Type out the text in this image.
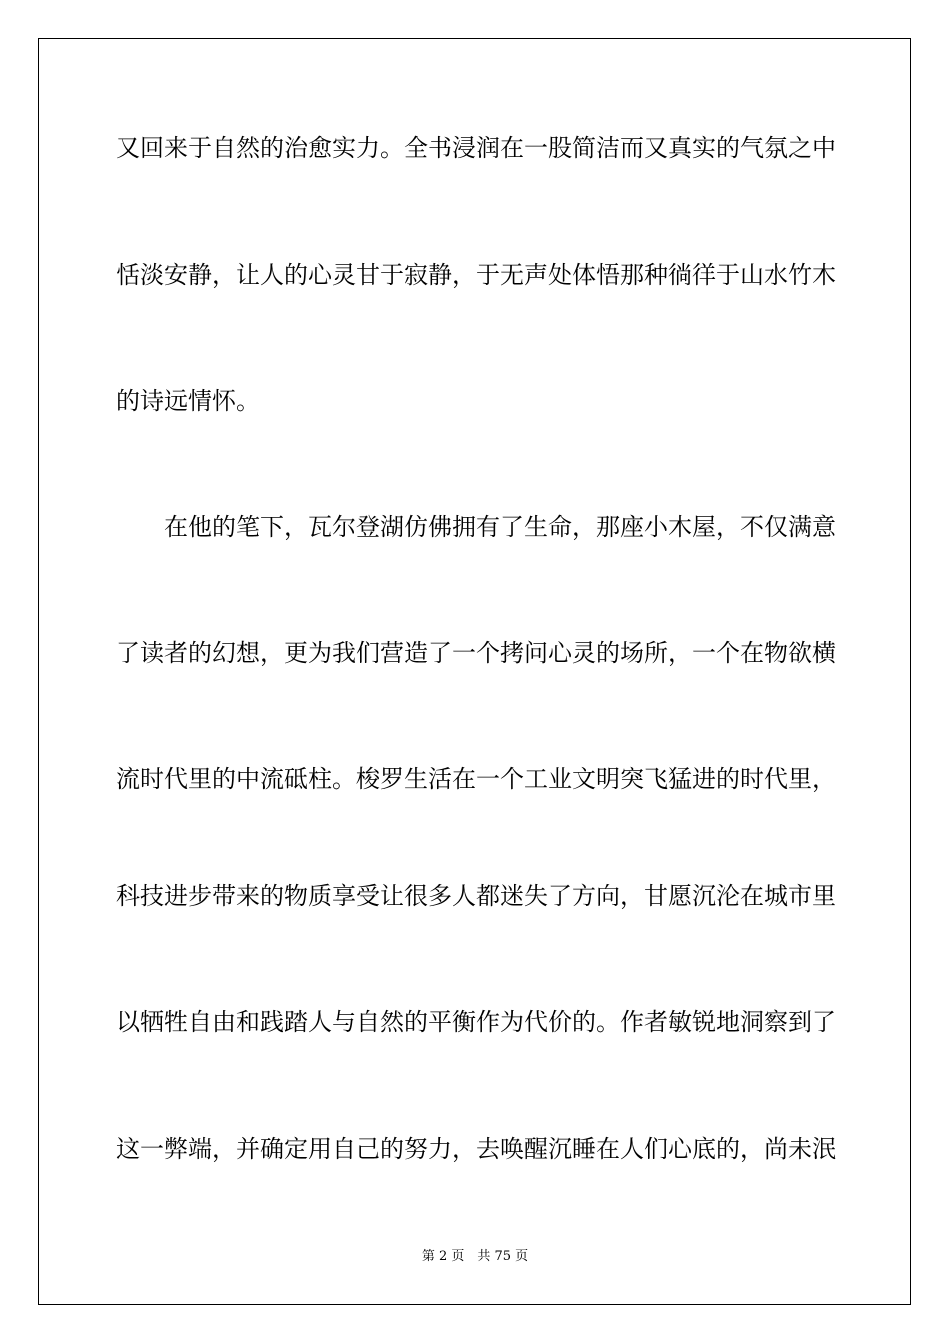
又回来于自然的治愈实力。全书浸润在一股简洁而又真实的气氛之中
恬淡安静，让人的心灵甘于寂静，于无声处体悟那种徜徉于山水竹木
的诗远情怀。
在他的笔下，瓦尔登湖仿佛拥有了生命，那座小木屋，不仅满意
了读者的幻想，更为我们营造了一个拷问心灵的场所，一个在物欲横
流时代里的中流砥柱。梭罗生活在一个工业文明突飞猛进的时代里，
科技进步带来的物质享受让很多人都迷失了方向，甘愿沉沦在城市里
以牺牲自由和践踏人与自然的平衡作为代价的。作者敏锐地洞察到了
这一弊端，并确定用自己的努力，去唤醒沉睡在人们心底的，尚未泯
第 2 页　共 75 页
